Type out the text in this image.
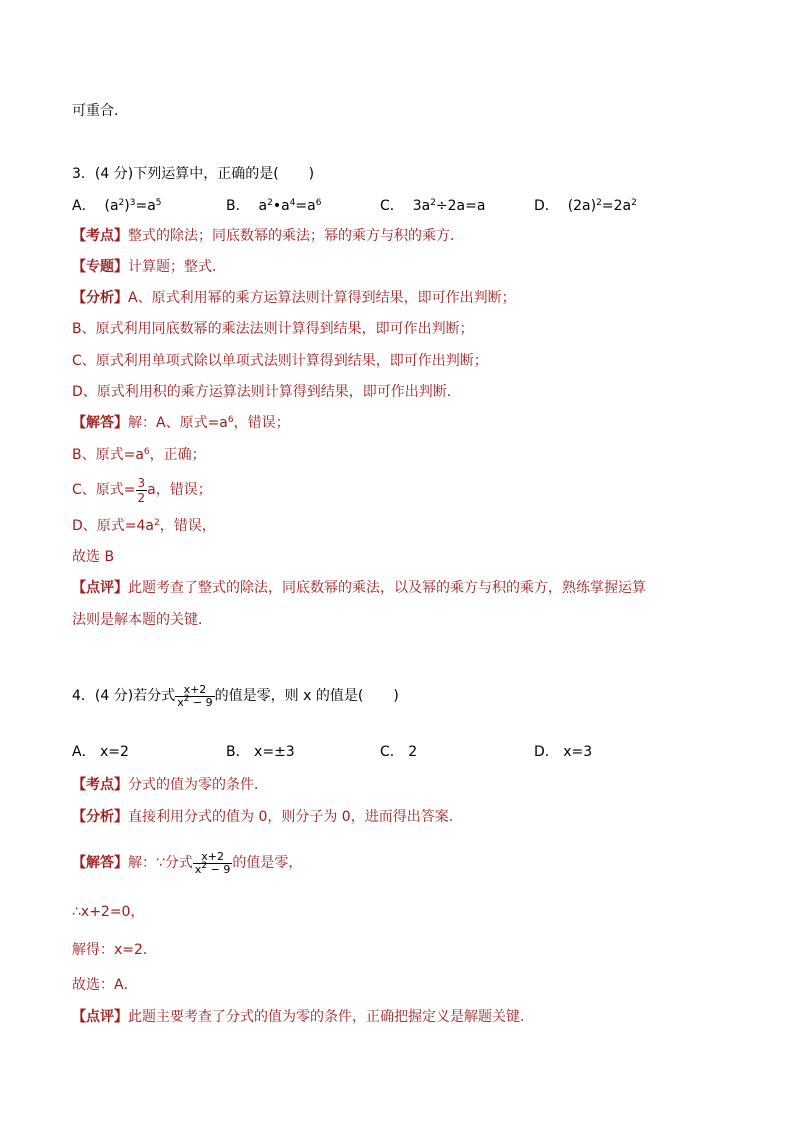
可重合.
3．(4 分)下列运算中，正确的是( )
A． $(a^2)^3=a^5$	B． $a^2•a^4=a^6$	C． $3a^2\div 2a=a$	D． $(2a)^2=2a^2$
【考点】整式的除法；同底数幂的乘法；幂的乘方与积的乘方．
【专题】计算题；整式．
【分析】A、原式利用幂的乘方运算法则计算得到结果，即可作出判断；
B、原式利用同底数幂的乘法法则计算得到结果，即可作出判断；
C、原式利用单项式除以单项式法则计算得到结果，即可作出判断；
D、原式利用积的乘方运算法则计算得到结果，即可作出判断．
【解答】解：A、原式$=a^6$，错误；
B、原式$=a^6$，正确；
C、原式= $\frac{3}{2}$ a，错误；
D、原式$=4a^2$，错误，
故选 B
【点评】此题考查了整式的除法，同底数幂的乘法，以及幂的乘方与积的乘方，熟练掌握运算
法则是解本题的关键．
4．(4 分)若分式 $\frac{x+2}{x^2 - 9}$ 的值是零，则 x 的值是( )
A． x=2	B． x=±3	C． 2	D． x=3
【考点】分式的值为零的条件．
【分析】直接利用分式的值为 0，则分子为 0，进而得出答案．
【解答】解：∵分式 $\frac{x+2}{x^2 - 9}$ 的值是零，
∴x+2=0，
解得：x=2．
故选：A．
【点评】此题主要考查了分式的值为零的条件，正确把握定义是解题关键．
